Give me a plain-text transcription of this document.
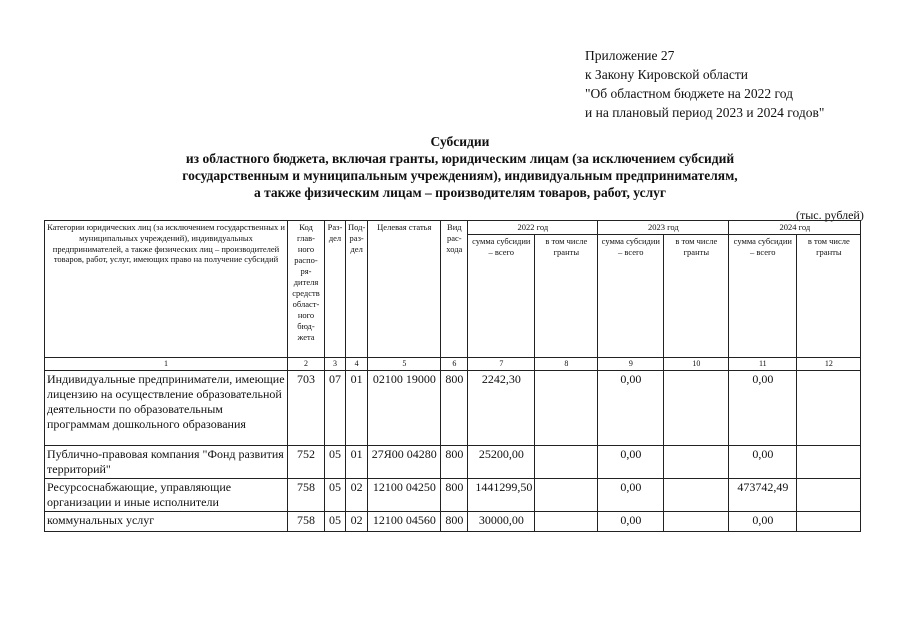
Приложение 27
к Закону Кировской области
"Об областном бюджете на 2022 год
и на плановый период 2023 и 2024 годов"
Субсидии
из областного бюджета, включая гранты, юридическим лицам (за исключением субсидий
государственным и муниципальным учреждениям), индивидуальным предпринимателям,
а также физическим лицам – производителям товаров, работ, услуг
(тыс. рублей)
Категории юридических лиц (за исключением государственных и муниципальных учреждений), индивидуальных предпринимателей, а также физических лиц – производителей товаров, работ, услуг, имеющих право на получение субсидий	Код глав-ного распо-ря-дителя средств област-ного бюд-жета	Раз-дел	Под-раз-дел	Целевая статья	Вид рас-хода	2022 год		2023 год		2024 год	
						сумма субсидии – всего	в том числе гранты	сумма субсидии – всего	в том числе гранты	сумма субсидии – всего	в том числе гранты
1	2	3	4	5	6	7	8	9	10	11	12
Индивидуальные предприниматели, имеющие лицензию на осуществление образовательной деятельности по образовательным программам дошкольного образования	703	07	01	02100 19000	800	2242,30		0,00		0,00	
Публично-правовая компания "Фонд развития территорий"	752	05	01	27Я00 04280	800	25200,00		0,00		0,00	
Ресурсоснабжающие, управляющие организации и иные исполнители	758	05	02	12100 04250	800	1441299,50		0,00		473742,49	
коммунальных услуг	758	05	02	12100 04560	800	30000,00		0,00		0,00	
